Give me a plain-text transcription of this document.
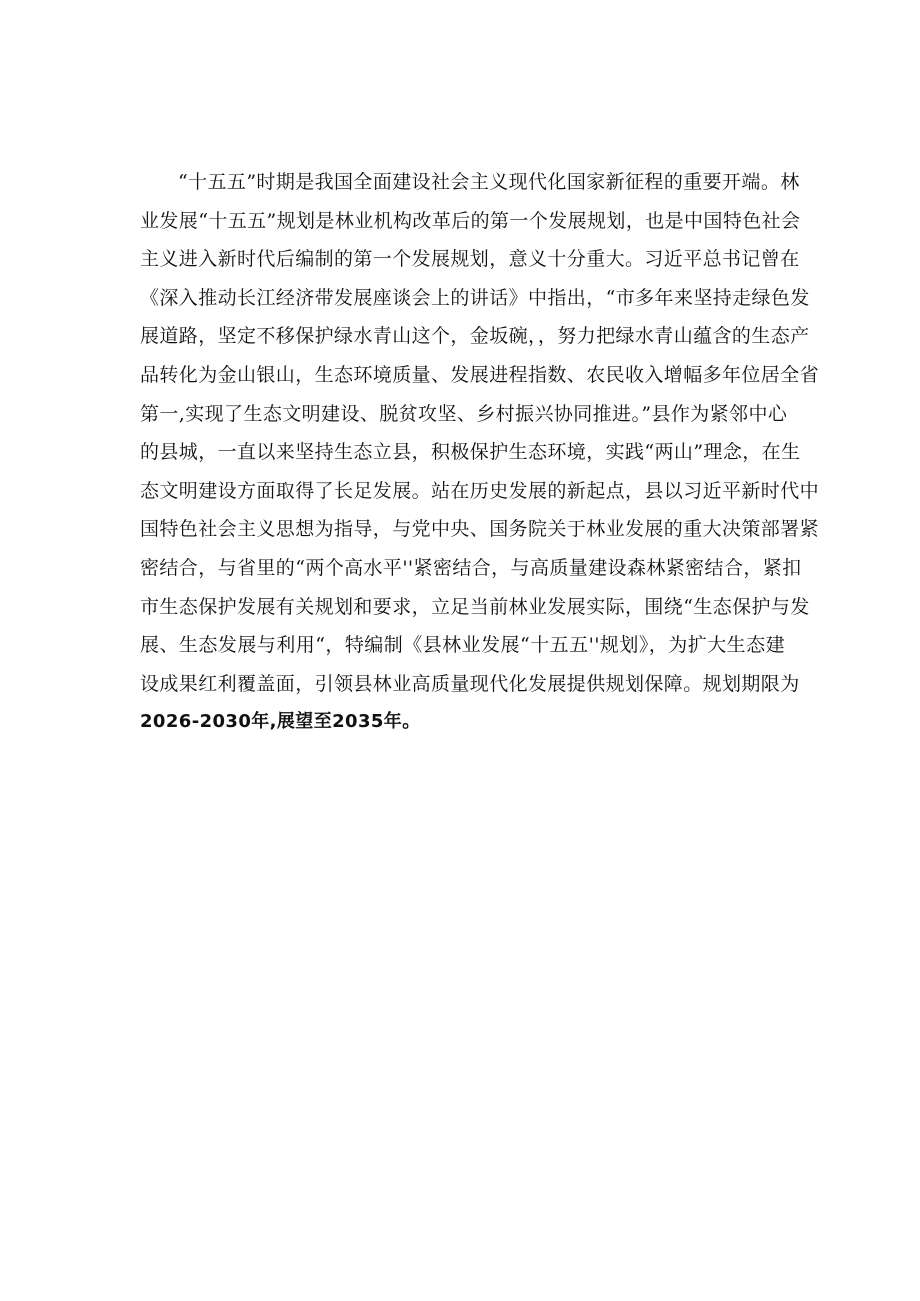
“十五五”时期是我国全面建设社会主义现代化国家新征程的重要开端。林
业发展“十五五”规划是林业机构改革后的第一个发展规划，也是中国特色社会
主义进入新时代后编制的第一个发展规划，意义十分重大。习近平总书记曾在
《深入推动长江经济带发展座谈会上的讲话》中指出，“市多年来坚持走绿色发
展道路，坚定不移保护绿水青山这个，金坂碗，，努力把绿水青山蕴含的生态产
品转化为金山银山，生态环境质量、发展进程指数、农民收入增幅多年位居全省
第一,实现了生态文明建设、脱贫攻坚、乡村振兴协同推进。”县作为紧邻中心
的县城，一直以来坚持生态立县，积极保护生态环境，实践“两山”理念，在生
态文明建设方面取得了长足发展。站在历史发展的新起点，县以习近平新时代中
国特色社会主义思想为指导，与党中央、国务院关于林业发展的重大决策部署紧
密结合，与省里的“两个高水平''紧密结合，与高质量建设森林紧密结合，紧扣
市生态保护发展有关规划和要求，立足当前林业发展实际，围绕“生态保护与发
展、生态发展与利用“，特编制《县林业发展“十五五''规划》，为扩大生态建
设成果红利覆盖面，引领县林业高质量现代化发展提供规划保障。规划期限为
2026-2030年,展望至2035年。
